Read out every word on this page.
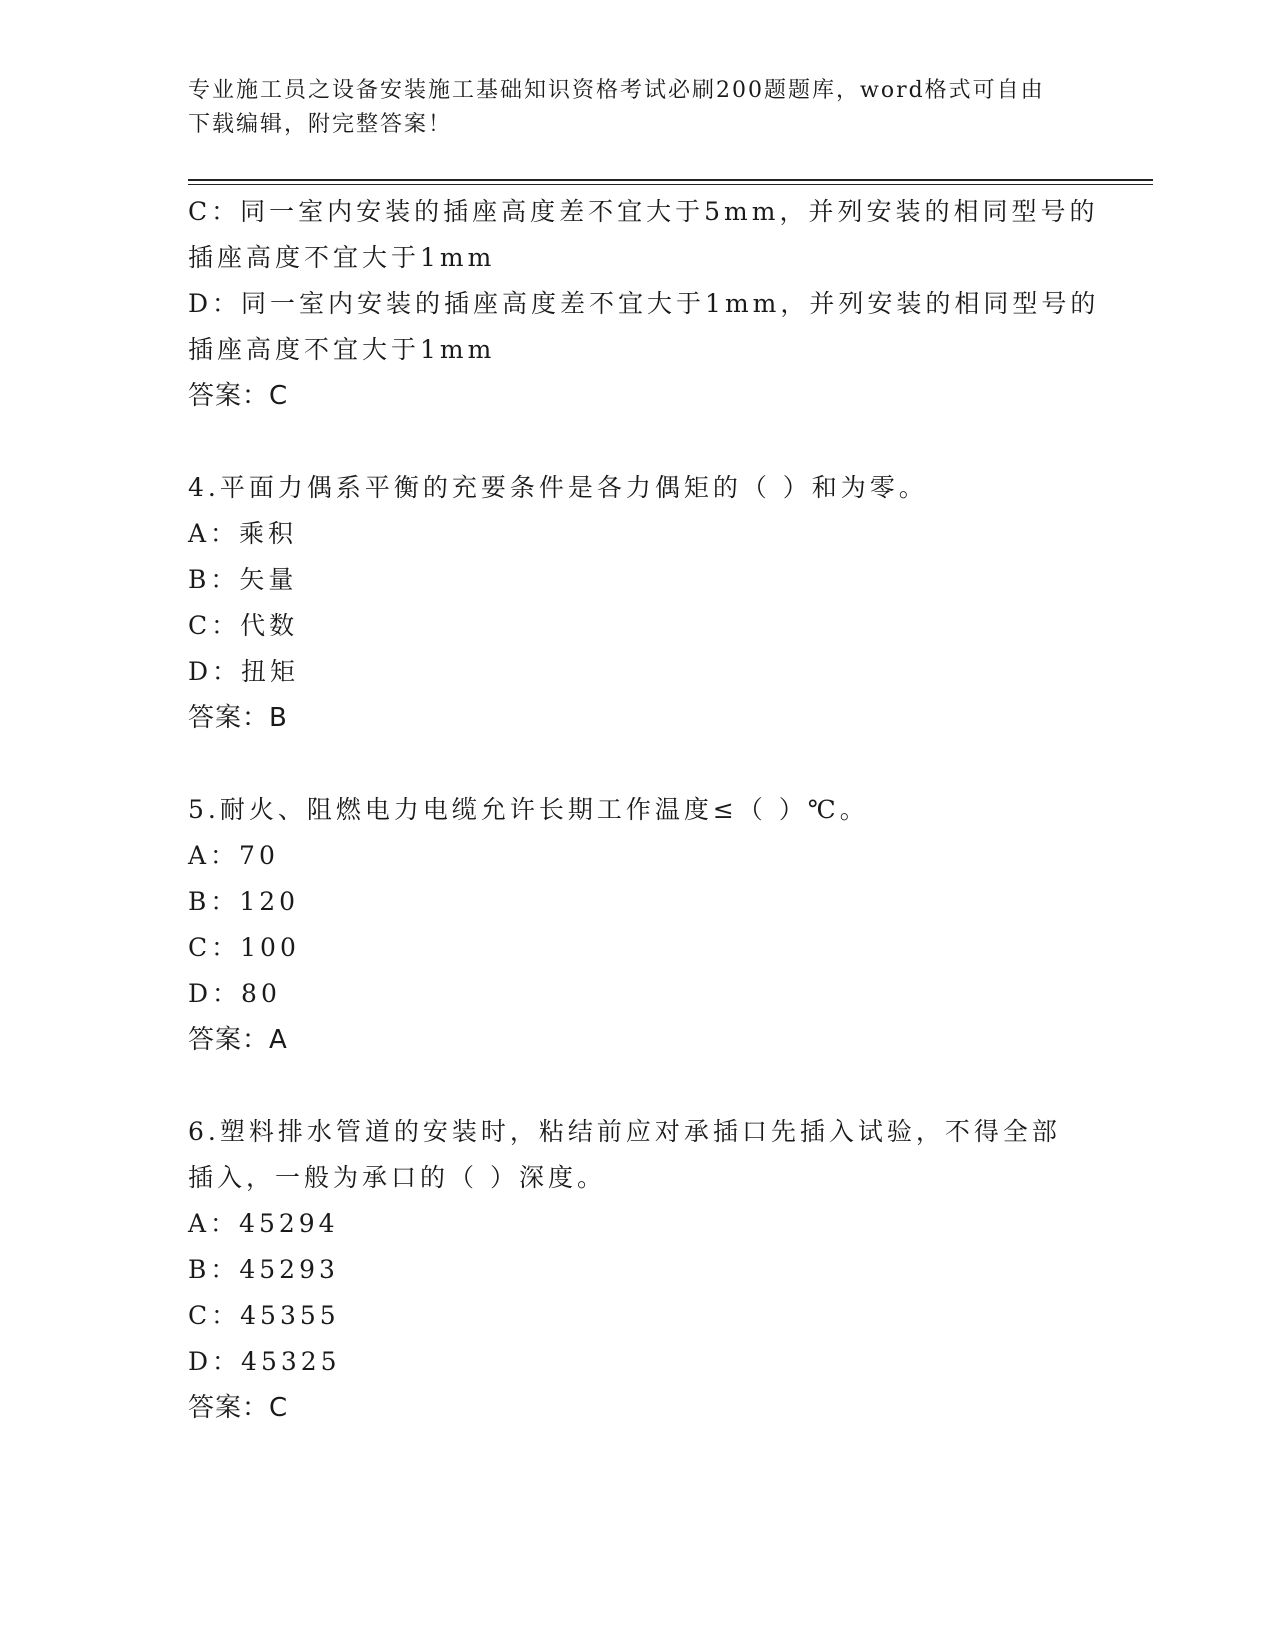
专业施工员之设备安装施工基础知识资格考试必刷200题题库，word格式可自由
下载编辑，附完整答案！
C：同一室内安装的插座高度差不宜大于5mm，并列安装的相同型号的
插座高度不宜大于1mm
D：同一室内安装的插座高度差不宜大于1mm，并列安装的相同型号的
插座高度不宜大于1mm
答案：C
4.平面力偶系平衡的充要条件是各力偶矩的（ ）和为零。
A：乘积
B：矢量
C：代数
D：扭矩
答案：B
5.耐火、阻燃电力电缆允许长期工作温度≤（ ）℃。
A：70
B：120
C：100
D：80
答案：A
6.塑料排水管道的安装时，粘结前应对承插口先插入试验，不得全部
插入，一般为承口的（ ）深度。
A：45294
B：45293
C：45355
D：45325
答案：C
